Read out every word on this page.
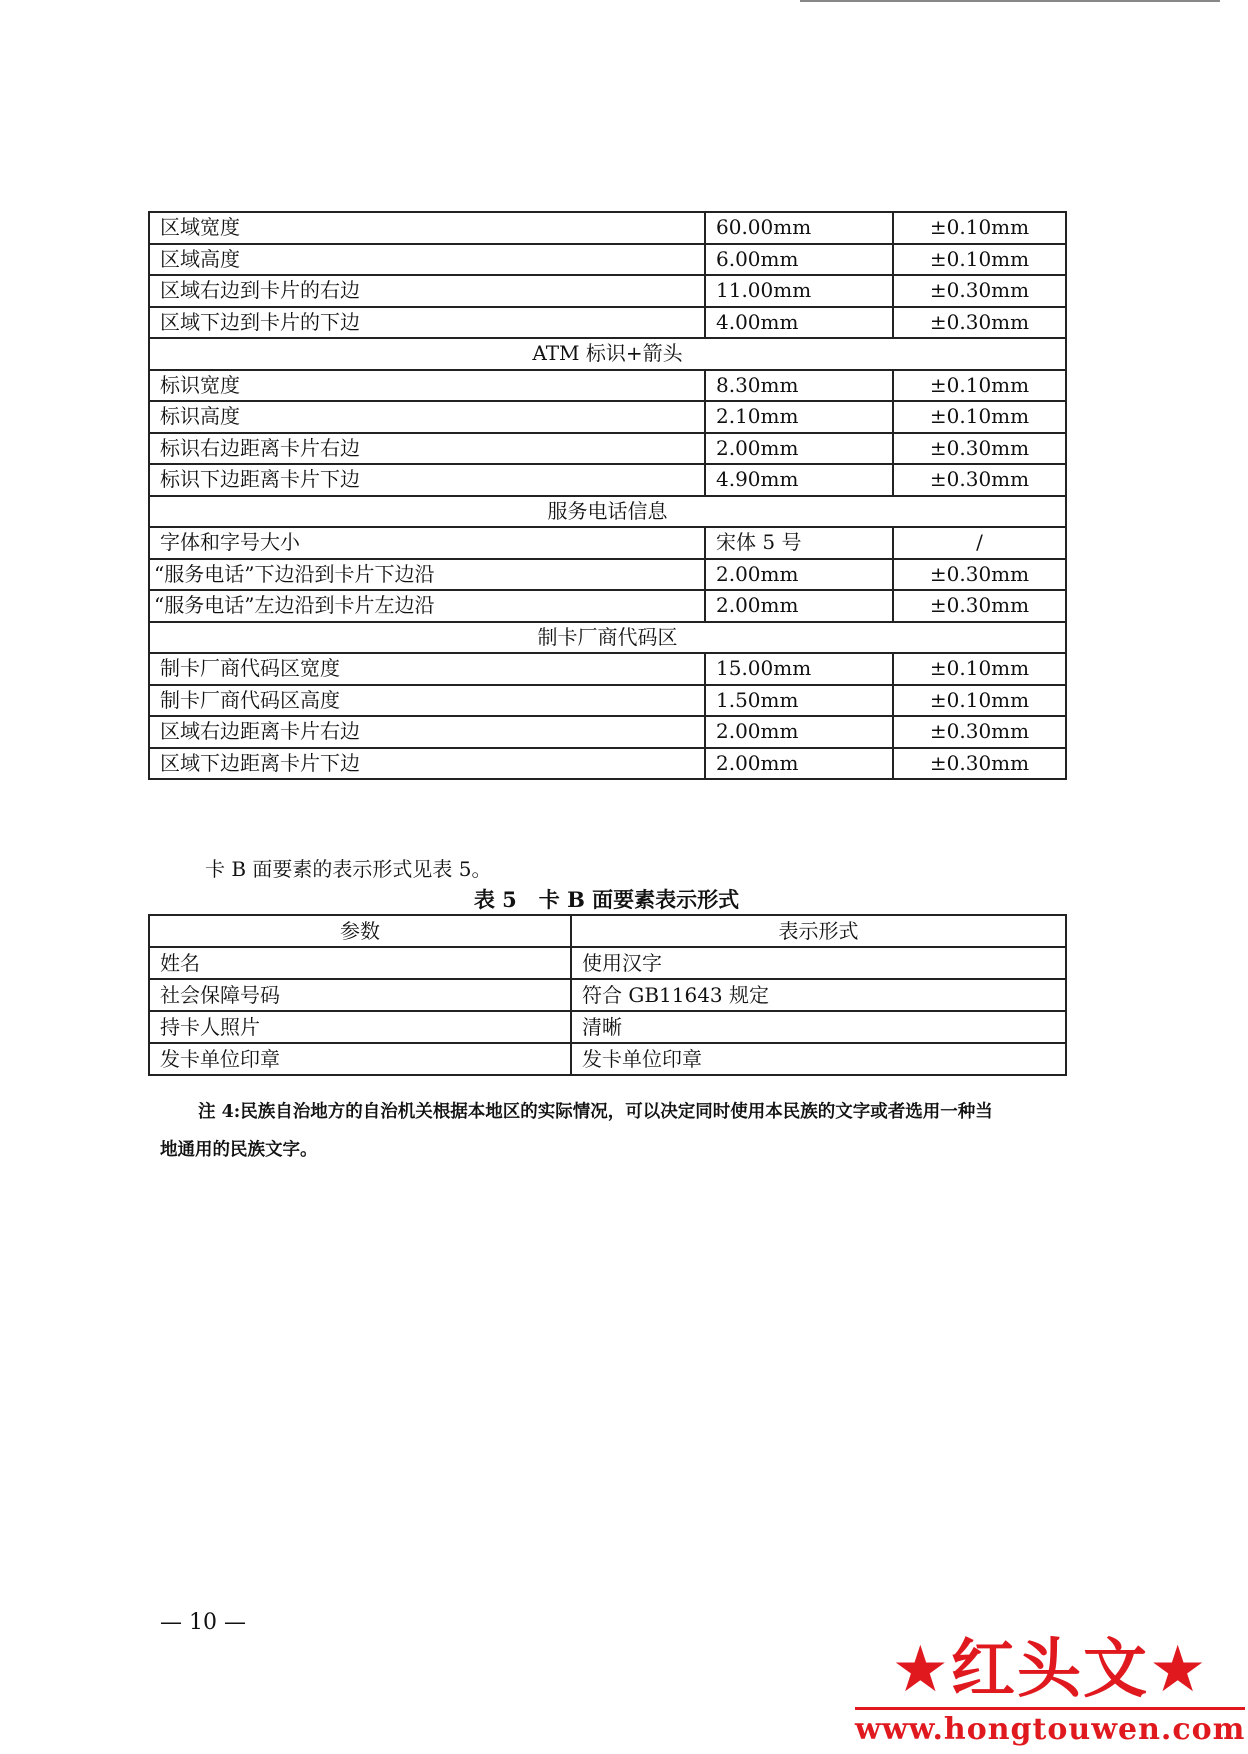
区域宽度	60.00mm	±0.10mm
区域高度	6.00mm	±0.10mm
区域右边到卡片的右边	11.00mm	±0.30mm
区域下边到卡片的下边	4.00mm	±0.30mm
ATM 标识+箭头		
标识宽度	8.30mm	±0.10mm
标识高度	2.10mm	±0.10mm
标识右边距离卡片右边	2.00mm	±0.30mm
标识下边距离卡片下边	4.90mm	±0.30mm
服务电话信息		
字体和字号大小	宋体 5 号	/
“服务电话”下边沿到卡片下边沿	2.00mm	±0.30mm
“服务电话”左边沿到卡片左边沿	2.00mm	±0.30mm
制卡厂商代码区		
制卡厂商代码区宽度	15.00mm	±0.10mm
制卡厂商代码区高度	1.50mm	±0.10mm
区域右边距离卡片右边	2.00mm	±0.30mm
区域下边距离卡片下边	2.00mm	±0.30mm
卡 B 面要素的表示形式见表 5。
表 5 卡 B 面要素表示形式
参数	表示形式
姓名	使用汉字
社会保障号码	符合 GB11643 规定
持卡人照片	清晰
发卡单位印章	发卡单位印章
注 4:民族自治地方的自治机关根据本地区的实际情况，可以决定同时使用本民族的文字或者选用一种当
地通用的民族文字。
— 10 —
★红头文★
www.hongtouwen.com
